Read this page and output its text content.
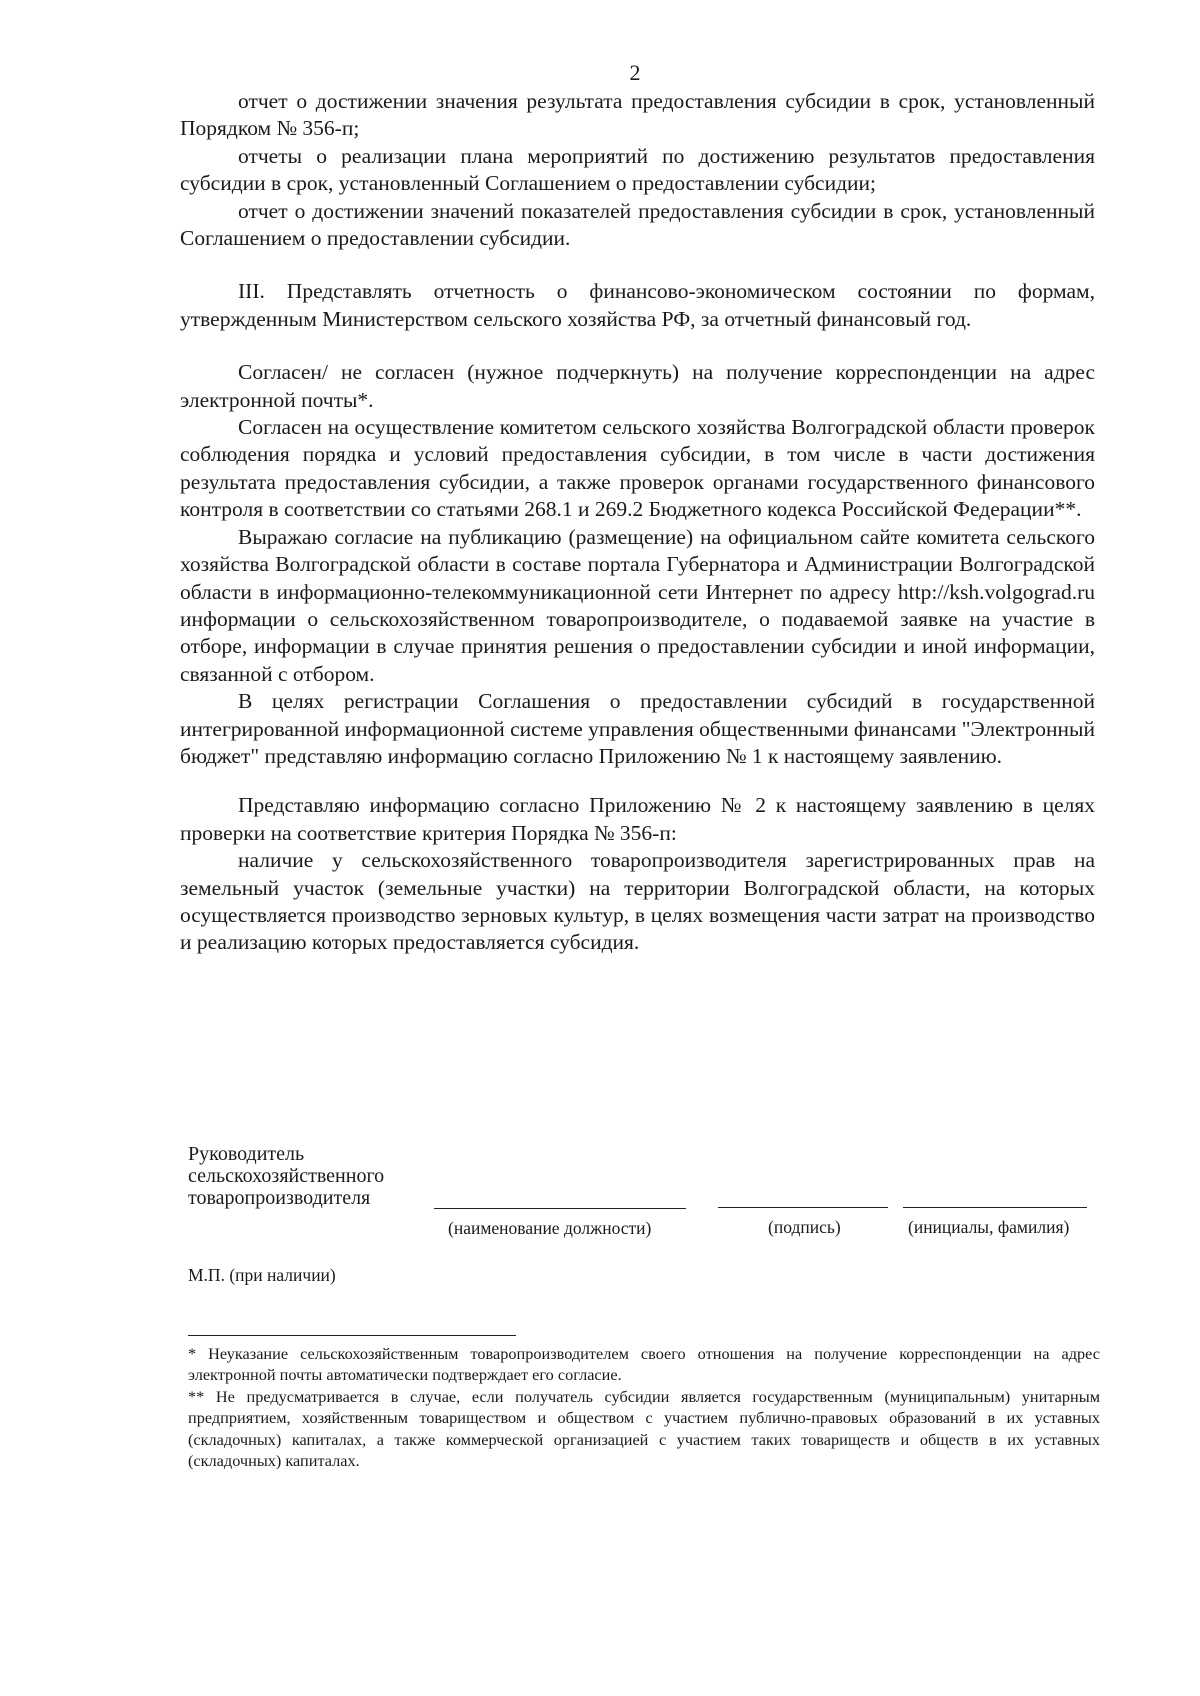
2

отчет о достижении значения результата предоставления субсидии в срок, установленный Порядком № 356-п;

отчеты о реализации плана мероприятий по достижению результатов предоставления субсидии в срок, установленный Соглашением о предоставлении субсидии;

отчет о достижении значений показателей предоставления субсидии в срок, установленный Соглашением о предоставлении субсидии.

III. Представлять отчетность о финансово-экономическом состоянии по формам, утвержденным Министерством сельского хозяйства РФ, за отчетный финансовый год.

Согласен/ не согласен (нужное подчеркнуть) на получение корреспонденции на адрес электронной почты*.

Согласен на осуществление комитетом сельского хозяйства Волгоградской области проверок соблюдения порядка и условий предоставления субсидии, в том числе в части достижения результата предоставления субсидии, а также проверок органами государственного финансового контроля в соответствии со статьями 268.1 и 269.2 Бюджетного кодекса Российской Федерации**.

Выражаю согласие на публикацию (размещение) на официальном сайте комитета сельского хозяйства Волгоградской области в составе портала Губернатора и Администрации Волгоградской области в информационно-телекоммуникационной сети Интернет по адресу http://ksh.volgograd.ru информации о сельскохозяйственном товаропроизводителе, о подаваемой заявке на участие в отборе, информации в случае принятия решения о предоставлении субсидии и иной информации, связанной с отбором.

В целях регистрации Соглашения о предоставлении субсидий в государственной интегрированной информационной системе управления общественными финансами "Электронный бюджет" представляю информацию согласно Приложению № 1 к настоящему заявлению.

Представляю информацию согласно Приложению № 2 к настоящему заявлению в целях проверки на соответствие критерия Порядка № 356-п:

наличие у сельскохозяйственного товаропроизводителя зарегистрированных прав на земельный участок (земельные участки) на территории Волгоградской области, на которых осуществляется производство зерновых культур, в целях возмещения части затрат на производство и реализацию которых предоставляется субсидия.

Руководитель
сельскохозяйственного
товаропроизводителя
(наименование должности)	(подпись)	(инициалы, фамилия)
М.П. (при наличии)

* Неуказание сельскохозяйственным товаропроизводителем своего отношения на получение корреспонденции на адрес электронной почты автоматически подтверждает его согласие.

** Не предусматривается в случае, если получатель субсидии является государственным (муниципальным) унитарным предприятием, хозяйственным товариществом и обществом с участием публично-правовых образований в их уставных (складочных) капиталах, а также коммерческой организацией с участием таких товариществ и обществ в их уставных (складочных) капиталах.
